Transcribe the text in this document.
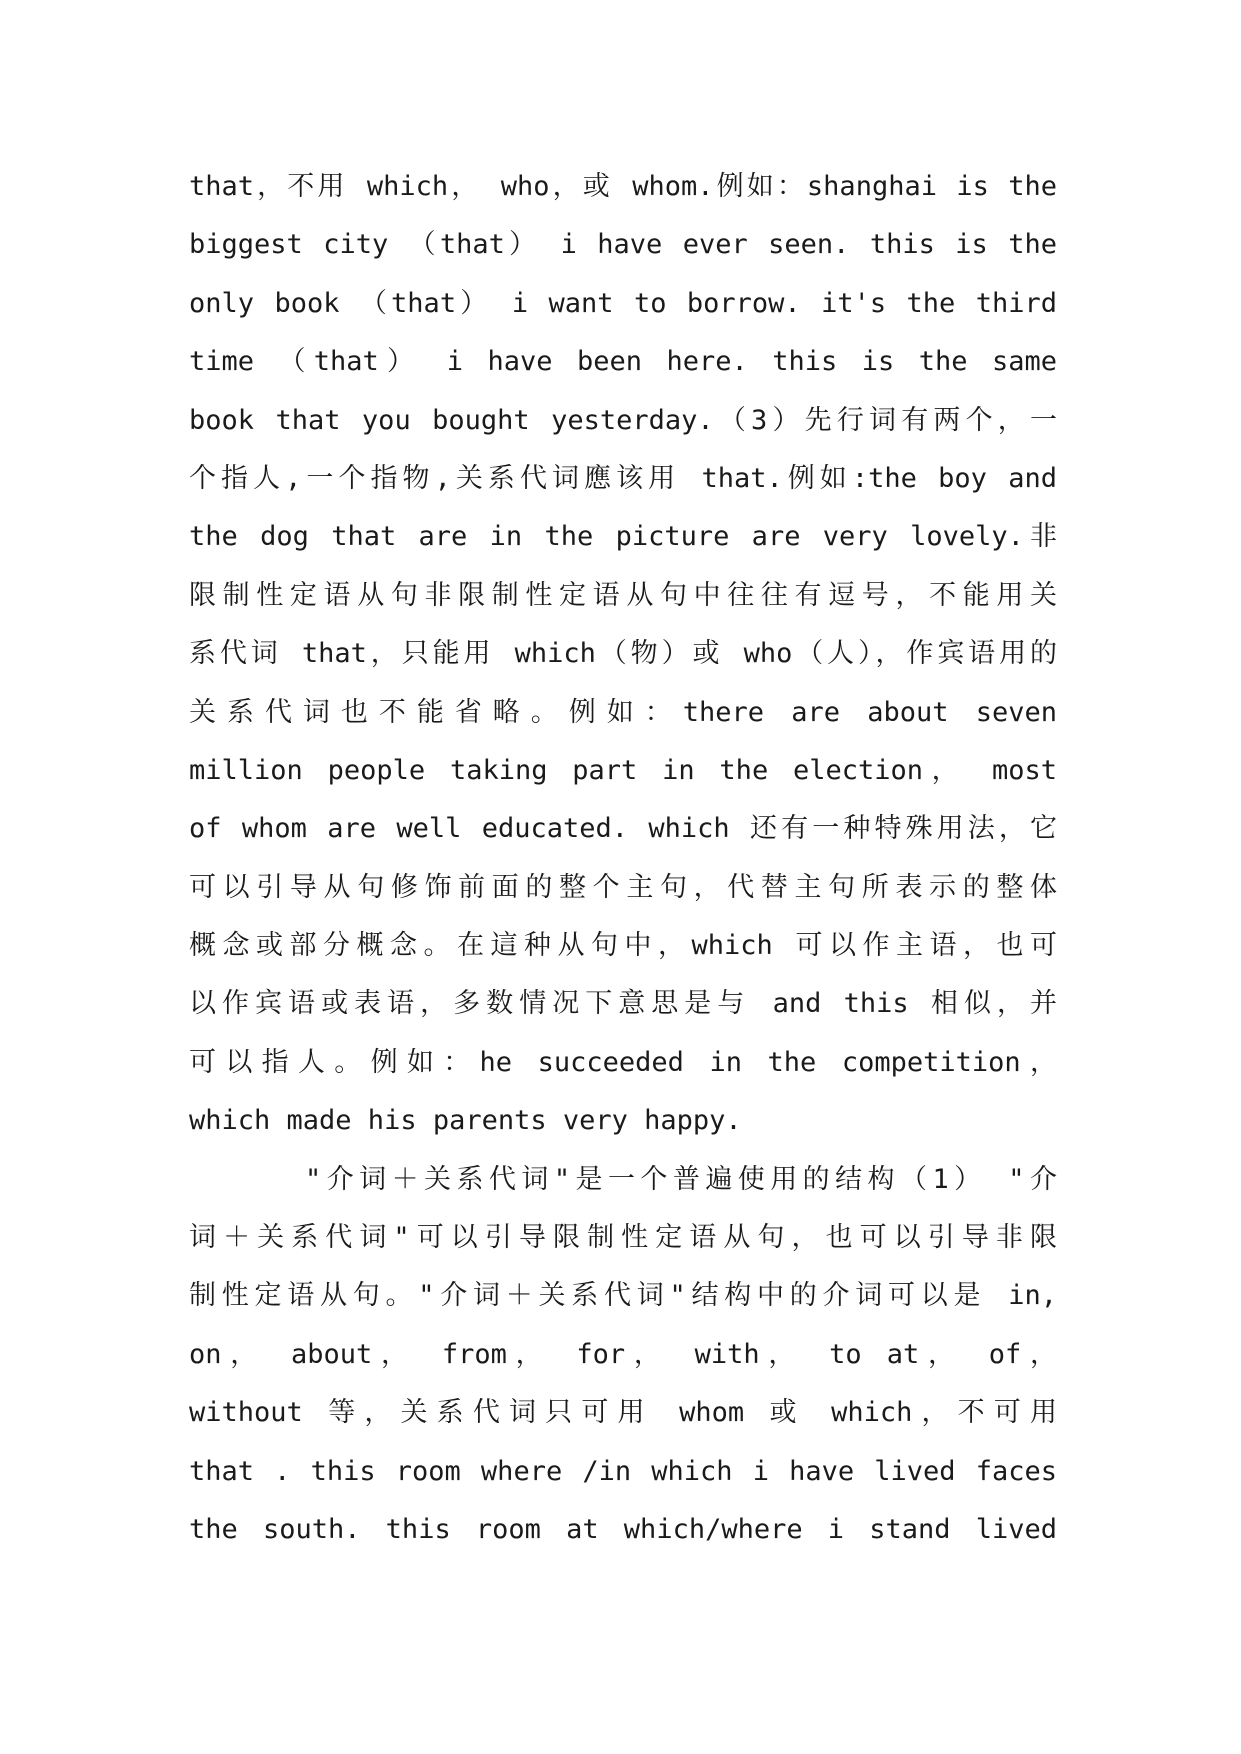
that，不用 which， who，或 whom.例如：shanghai is the
biggest city （that） i have ever seen. this is the
only book （that） i want to borrow. it's the third
time （that） i have been here. this is the same
book that you bought yesterday.（3）先行词有两个，一
个指人,一个指物,关系代词應该用 that.例如:the boy and
the dog that are in the picture are very lovely.非
限制性定语从句非限制性定语从句中往往有逗号，不能用关
系代词 that，只能用 which（物）或 who（人），作宾语用的
关系代词也不能省略。例如：there are about seven
million people taking part in the election， most
of whom are well educated. which 还有一种特殊用法，它
可以引导从句修饰前面的整个主句，代替主句所表示的整体
概念或部分概念。在這种从句中，which 可以作主语，也可
以作宾语或表语，多数情况下意思是与 and this 相似，并
可以指人。例如：he succeeded in the competition，
which made his parents very happy.
"介词＋关系代词"是一个普遍使用的结构（1） "介
词＋关系代词"可以引导限制性定语从句，也可以引导非限
制性定语从句。"介词＋关系代词"结构中的介词可以是 in,
on， about， from， for， with， to at， of，
without 等，关系代词只可用 whom 或 which，不可用
that . this room where /in which i have lived faces
the south. this room at which/where i stand lived
